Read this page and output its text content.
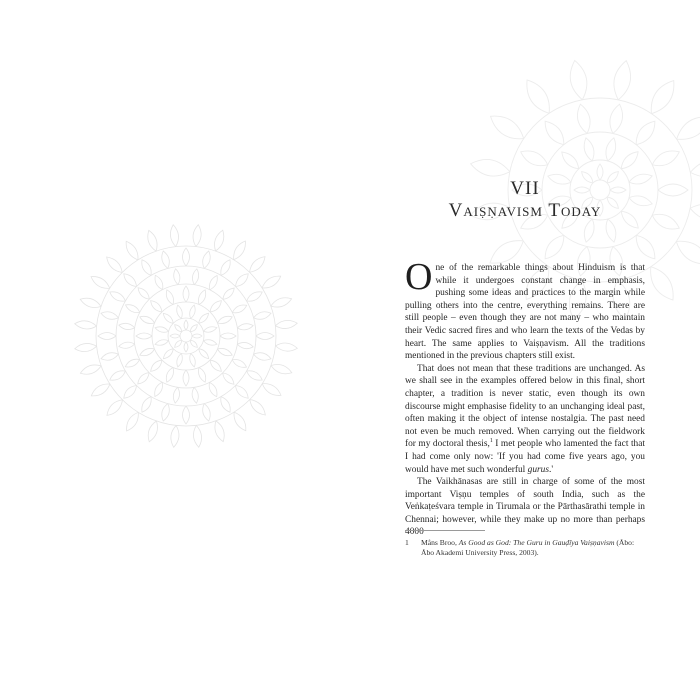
VII
Vaiṣṇavism Today

One of the remarkable things about Hinduism is that while it undergoes constant change in emphasis, pushing some ideas and practices to the margin while pulling others into the centre, everything remains. There are still people – even though they are not many – who maintain their Vedic sacred fires and who learn the texts of the Vedas by heart. The same applies to Vaiṣṇavism. All the traditions mentioned in the previous chapters still exist.

That does not mean that these traditions are unchanged. As we shall see in the examples offered below in this final, short chapter, a tradition is never static, even though its own discourse might emphasise fidelity to an unchanging ideal past, often making it the object of intense nostalgia. The past need not even be much removed. When carrying out the fieldwork for my doctoral thesis,$^1$ I met people who lamented the fact that I had come only now: 'If you had come five years ago, you would have met such wonderful gurus.'

The Vaikhānasas are still in charge of some of the most important Viṣṇu temples of south India, such as the Veṅkaṭeśvara temple in Tirumala or the Pārthasārathi temple in Chennai; however, while they make up no more than perhaps 4000

1	Måns Broo, As Good as God: The Guru in Gauḍīya Vaiṣṇavism (Åbo: Åbo Akademi University Press, 2003).
